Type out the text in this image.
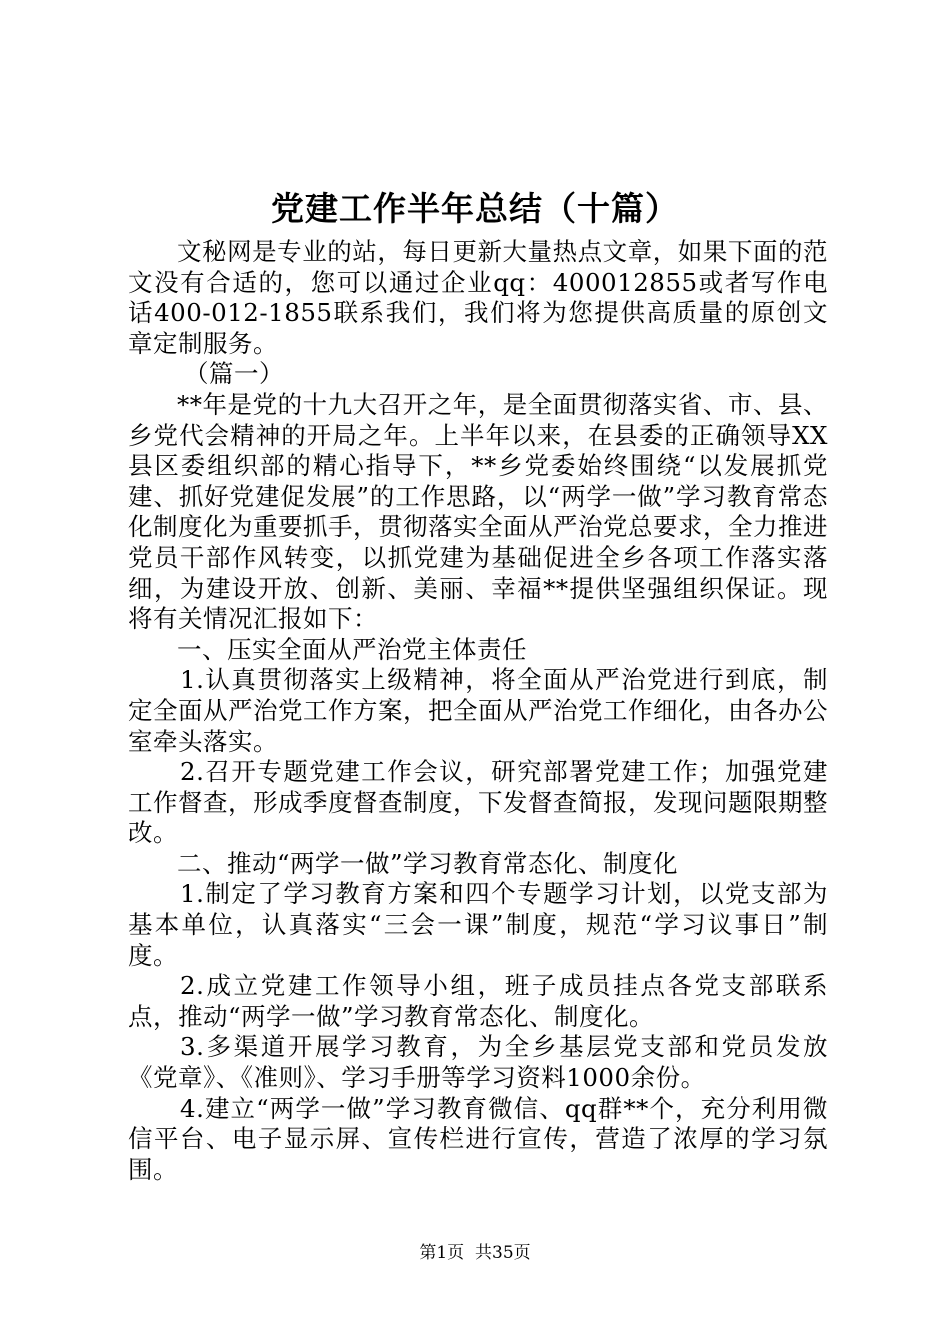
党建工作半年总结（十篇）

文秘网是专业的站，每日更新大量热点文章，如果下面的范文没有合适的，您可以通过企业qq：400012855或者写作电话400-012-1855联系我们，我们将为您提供高质量的原创文章定制服务。

（篇一）

**年是党的十九大召开之年，是全面贯彻落实省、市、县、乡党代会精神的开局之年。上半年以来，在县委的正确领导XX县区委组织部的精心指导下，**乡党委始终围绕“以发展抓党建、抓好党建促发展”的工作思路，以“两学一做”学习教育常态化制度化为重要抓手，贯彻落实全面从严治党总要求，全力推进党员干部作风转变，以抓党建为基础促进全乡各项工作落实落细，为建设开放、创新、美丽、幸福**提供坚强组织保证。现将有关情况汇报如下：

一、压实全面从严治党主体责任

1.认真贯彻落实上级精神，将全面从严治党进行到底，制定全面从严治党工作方案，把全面从严治党工作细化，由各办公室牵头落实。

2.召开专题党建工作会议，研究部署党建工作；加强党建工作督查，形成季度督查制度，下发督查简报，发现问题限期整改。

二、推动“两学一做”学习教育常态化、制度化

1.制定了学习教育方案和四个专题学习计划，以党支部为基本单位，认真落实“三会一课”制度，规范“学习议事日”制度。

2.成立党建工作领导小组，班子成员挂点各党支部联系点，推动“两学一做”学习教育常态化、制度化。

3.多渠道开展学习教育，为全乡基层党支部和党员发放《党章》、《准则》、学习手册等学习资料1000余份。

4.建立“两学一做”学习教育微信、qq群**个，充分利用微信平台、电子显示屏、宣传栏进行宣传，营造了浓厚的学习氛围。

第1页 共35页
